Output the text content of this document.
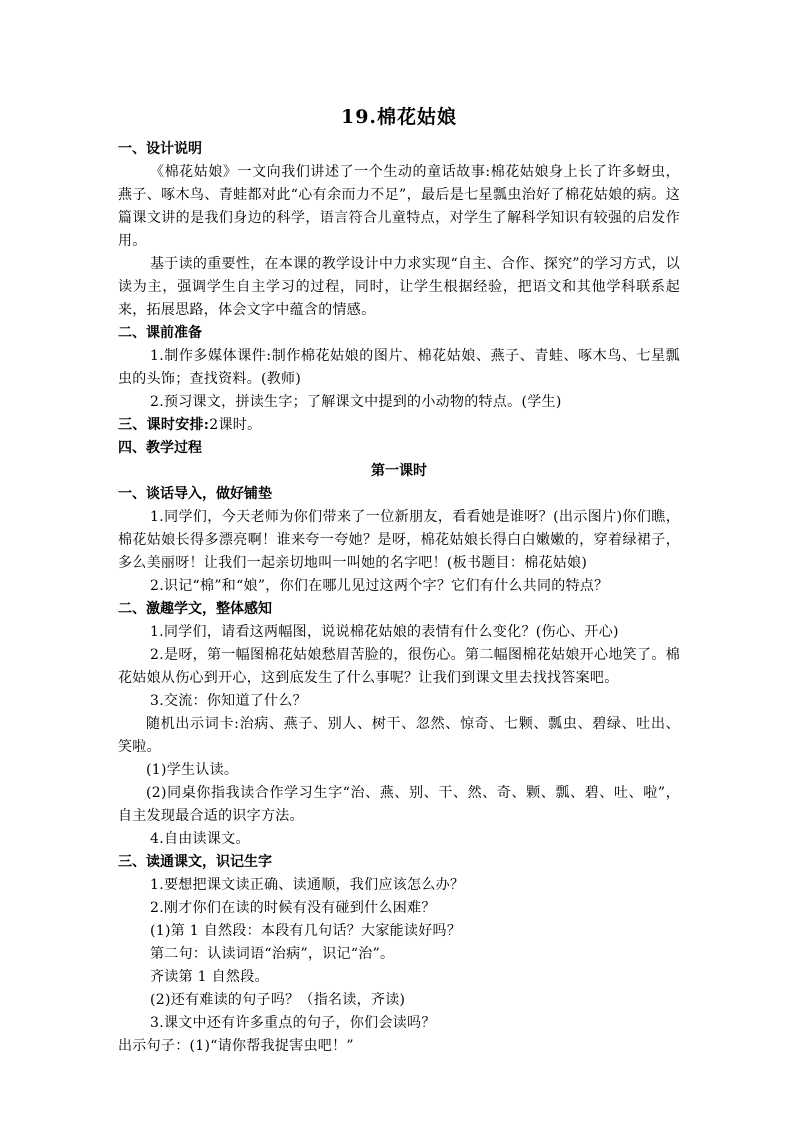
19.棉花姑娘
一、设计说明
《棉花姑娘》一文向我们讲述了一个生动的童话故事:棉花姑娘身上长了许多蚜虫，燕子、啄木鸟、青蛙都对此“心有余而力不足”，最后是七星瓢虫治好了棉花姑娘的病。这篇课文讲的是我们身边的科学，语言符合儿童特点，对学生了解科学知识有较强的启发作用。
基于读的重要性，在本课的教学设计中力求实现“自主、合作、探究”的学习方式，以读为主，强调学生自主学习的过程，同时，让学生根据经验，把语文和其他学科联系起来，拓展思路，体会文字中蕴含的情感。
二、课前准备
1.制作多媒体课件:制作棉花姑娘的图片、棉花姑娘、燕子、青蛙、啄木鸟、七星瓢虫的头饰；查找资料。(教师)
2.预习课文，拼读生字；了解课文中提到的小动物的特点。(学生)
三、课时安排:2课时。
四、教学过程
第一课时
一、谈话导入，做好铺垫
1.同学们，今天老师为你们带来了一位新朋友，看看她是谁呀？(出示图片)你们瞧，棉花姑娘长得多漂亮啊！谁来夸一夸她？是呀，棉花姑娘长得白白嫩嫩的，穿着绿裙子，多么美丽呀！让我们一起亲切地叫一叫她的名字吧！(板书题目：棉花姑娘)
2.识记“棉”和“娘”，你们在哪儿见过这两个字？它们有什么共同的特点？
二、激趣学文，整体感知
1.同学们，请看这两幅图，说说棉花姑娘的表情有什么变化？(伤心、开心)
2.是呀，第一幅图棉花姑娘愁眉苦脸的，很伤心。第二幅图棉花姑娘开心地笑了。棉花姑娘从伤心到开心，这到底发生了什么事呢？让我们到课文里去找找答案吧。
3.交流：你知道了什么？
随机出示词卡:治病、燕子、别人、树干、忽然、惊奇、七颗、瓢虫、碧绿、吐出、笑啦。
(1)学生认读。
(2)同桌你指我读合作学习生字“治、燕、别、干、然、奇、颗、瓢、碧、吐、啦”，自主发现最合适的识字方法。
4.自由读课文。
三、读通课文，识记生字
1.要想把课文读正确、读通顺，我们应该怎么办？
2.刚才你们在读的时候有没有碰到什么困难？
(1)第 1 自然段：本段有几句话？大家能读好吗？
第二句：认读词语“治病”，识记“治”。
齐读第 1 自然段。
(2)还有难读的句子吗？（指名读，齐读)
3.课文中还有许多重点的句子，你们会读吗？
出示句子：(1)“请你帮我捉害虫吧！”
